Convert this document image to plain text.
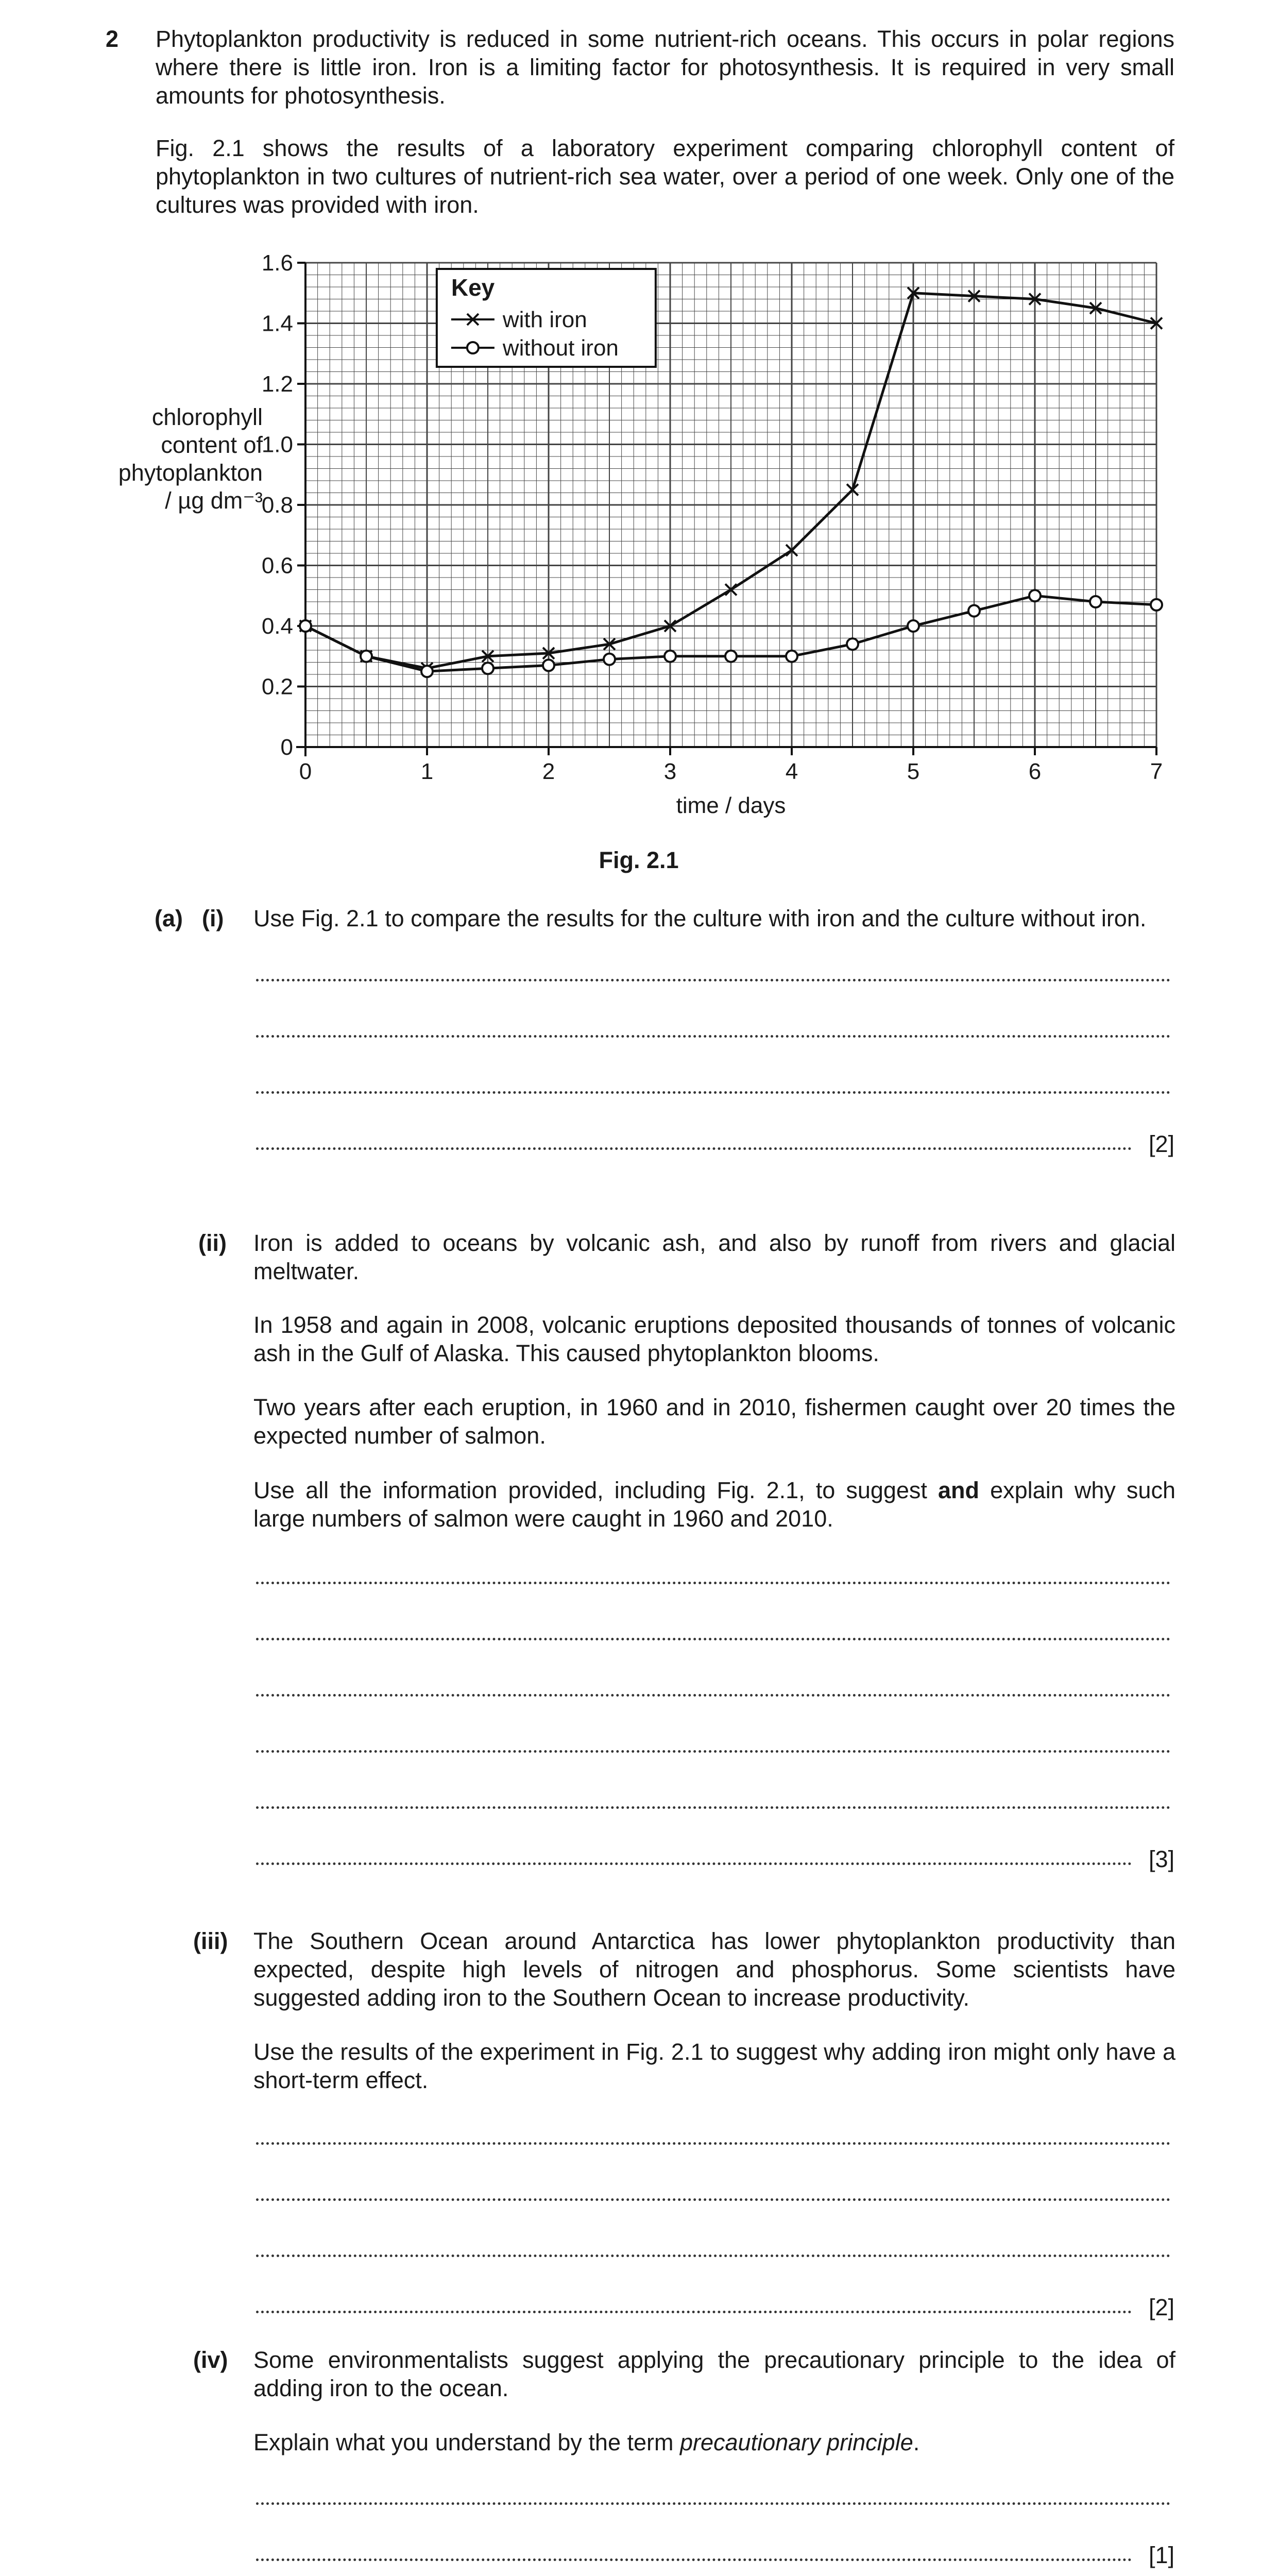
2 Phytoplankton productivity is reduced in some nutrient-rich oceans. This occurs in polar regions where there is little iron. Iron is a limiting factor for photosynthesis. It is required in very small amounts for photosynthesis.

Fig. 2.1 shows the results of a laboratory experiment comparing chlorophyll content of phytoplankton in two cultures of nutrient-rich sea water, over a period of one week. Only one of the cultures was provided with iron.

chlorophyll
content of
phytoplankton
/ µg dm⁻³
0
0.2
0.4
0.6
0.8
1.0
1.2
1.4
1.6
0	1	2	3	4	5	6	7
time / days
Key
with iron
without iron
Fig. 2.1
(a) (i) Use Fig. 2.1 to compare the results for the culture with iron and the culture without iron.

[2]
(ii) Iron is added to oceans by volcanic ash, and also by runoff from rivers and glacial meltwater.

In 1958 and again in 2008, volcanic eruptions deposited thousands of tonnes of volcanic ash in the Gulf of Alaska. This caused phytoplankton blooms.

Two years after each eruption, in 1960 and in 2010, fishermen caught over 20 times the expected number of salmon.

Use all the information provided, including Fig. 2.1, to suggest and explain why such large numbers of salmon were caught in 1960 and 2010.

[3]
(iii) The Southern Ocean around Antarctica has lower phytoplankton productivity than expected, despite high levels of nitrogen and phosphorus. Some scientists have suggested adding iron to the Southern Ocean to increase productivity.

Use the results of the experiment in Fig. 2.1 to suggest why adding iron might only have a short-term effect.

[2]
(iv) Some environmentalists suggest applying the precautionary principle to the idea of adding iron to the ocean.

Explain what you understand by the term precautionary principle.

[1]
